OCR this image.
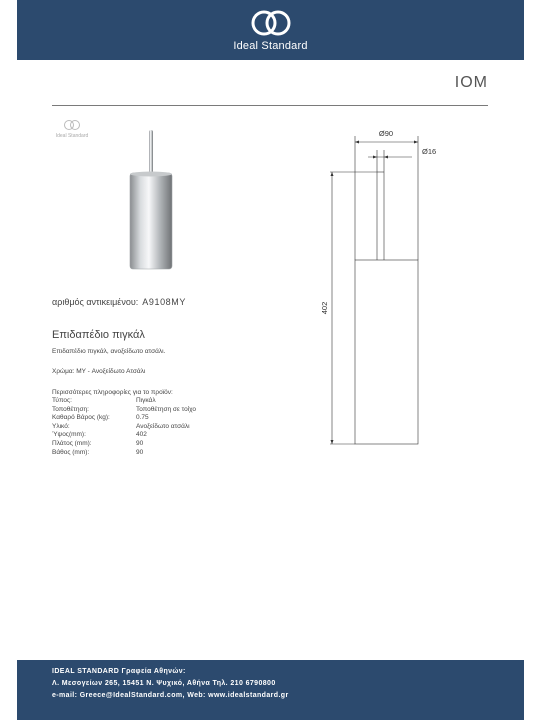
Ideal Standard
IOM
Ideal Standard
αριθμός αντικειμένου: A9108MY
Επιδαπέδιο πιγκάλ
Επιδαπέδιο πιγκάλ, ανοξείδωτο ατσάλι.
Χρώμα: MY - Ανοξείδωτο Ατσάλι
Περισσότερες πληροφορίες για το προϊόν:
Τύπος:	Πιγκάλ
Τοποθέτηση:	Τοποθέτηση σε τοίχο
Καθαρό Βάρος (kg):	0.75
Υλικό:	Ανοξείδωτο ατσάλι
Ύψος(mm):	402
Πλάτος (mm):	90
Βάθος (mm):	90
Ø90
Ø16
402
IDEAL STANDARD Γραφεία Αθηνών:
Λ. Μεσογείων 265, 15451 Ν. Ψυχικό, Αθήνα Τηλ. 210 6790800
e-mail: Greece@IdealStandard.com, Web: www.idealstandard.gr
